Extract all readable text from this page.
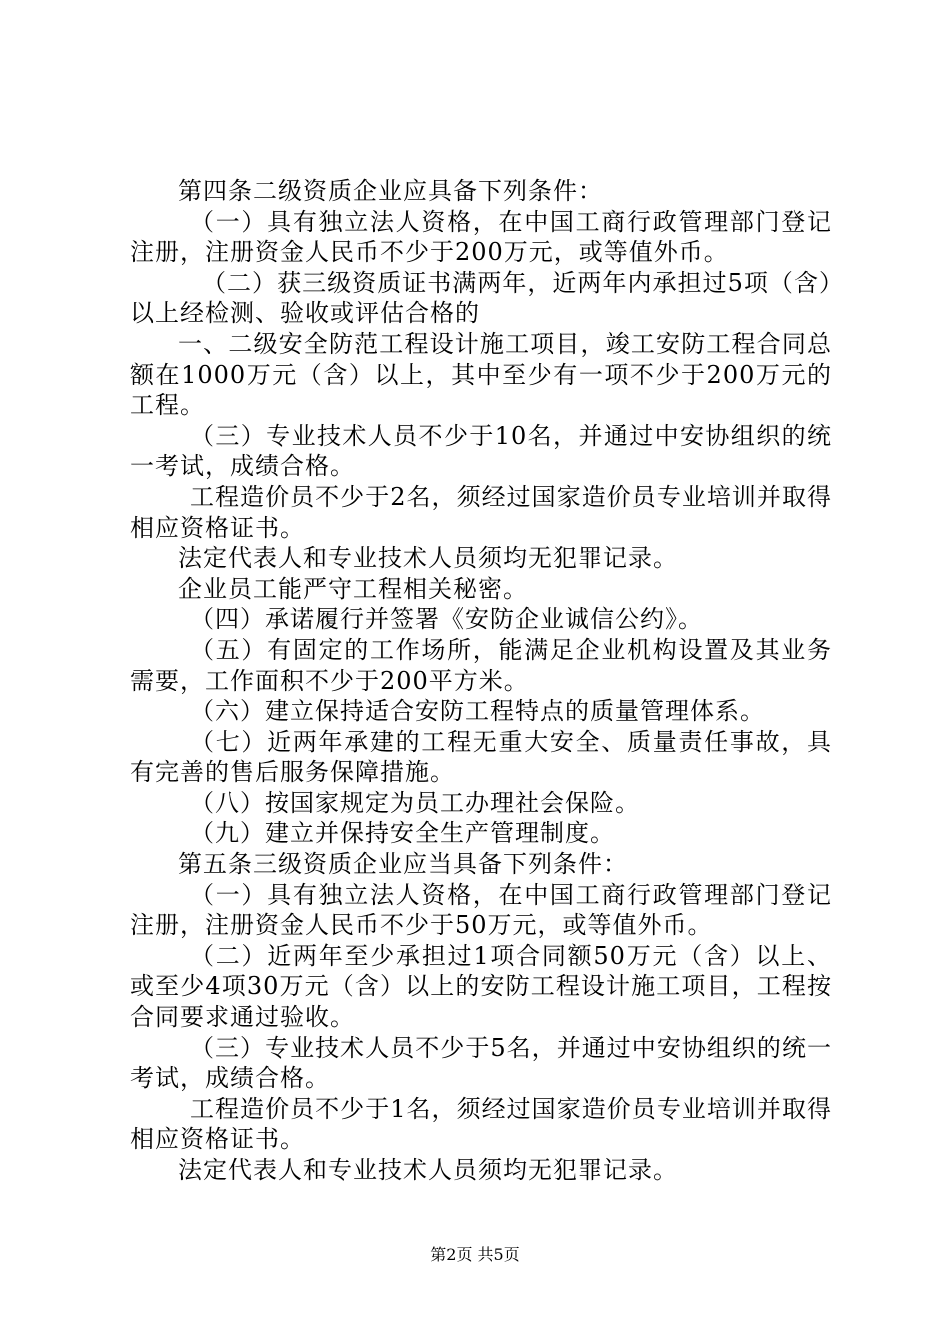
第四条二级资质企业应具备下列条件：

（一）具有独立法人资格，在中国工商行政管理部门登记注册，注册资金人民币不少于200万元，或等值外币。

（二）获三级资质证书满两年，近两年内承担过5项（含）以上经检测、验收或评估合格的

一、二级安全防范工程设计施工项目，竣工安防工程合同总额在1000万元（含）以上，其中至少有一项不少于200万元的工程。

（三）专业技术人员不少于10名，并通过中安协组织的统一考试，成绩合格。

工程造价员不少于2名，须经过国家造价员专业培训并取得相应资格证书。

法定代表人和专业技术人员须均无犯罪记录。

企业员工能严守工程相关秘密。

（四）承诺履行并签署《安防企业诚信公约》。

（五）有固定的工作场所，能满足企业机构设置及其业务需要，工作面积不少于200平方米。

（六）建立保持适合安防工程特点的质量管理体系。

（七）近两年承建的工程无重大安全、质量责任事故，具有完善的售后服务保障措施。

（八）按国家规定为员工办理社会保险。

（九）建立并保持安全生产管理制度。

第五条三级资质企业应当具备下列条件：

（一）具有独立法人资格，在中国工商行政管理部门登记注册，注册资金人民币不少于50万元，或等值外币。

（二）近两年至少承担过1项合同额50万元（含）以上、或至少4项30万元（含）以上的安防工程设计施工项目，工程按合同要求通过验收。

（三）专业技术人员不少于5名，并通过中安协组织的统一考试，成绩合格。

工程造价员不少于1名，须经过国家造价员专业培训并取得相应资格证书。

法定代表人和专业技术人员须均无犯罪记录。

第2页 共5页
